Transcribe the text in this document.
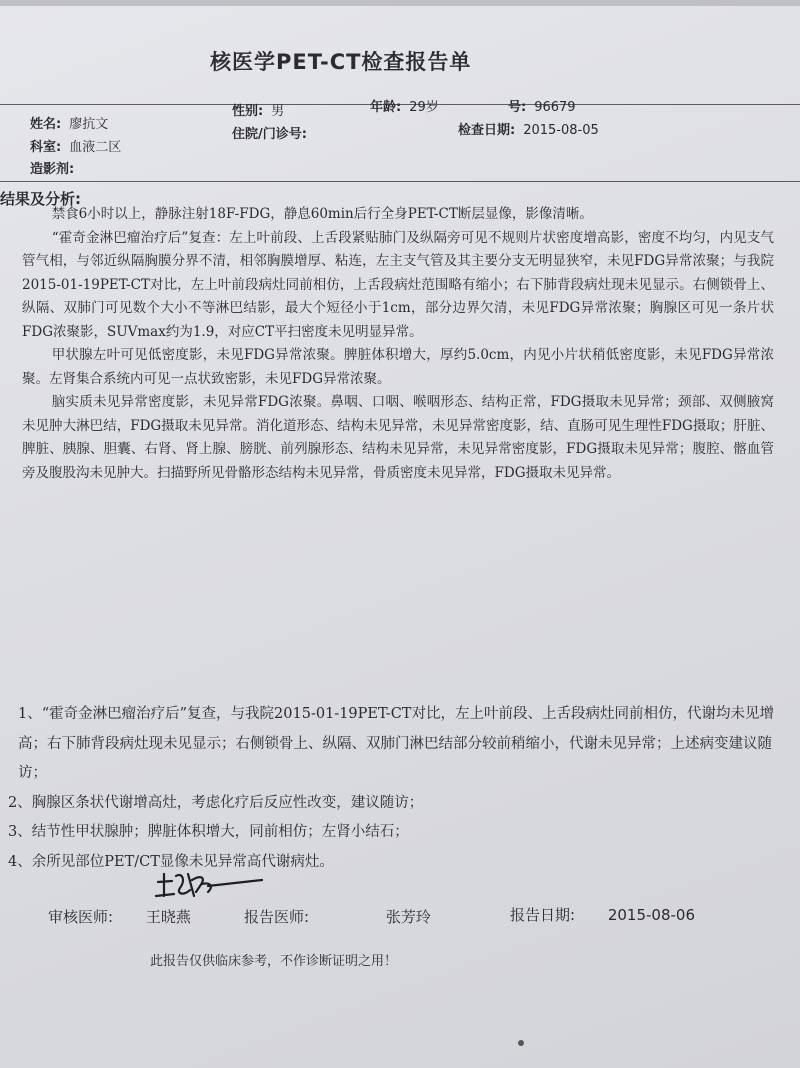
核医学PET-CT检查报告单
姓名: 廖抗文
性别: 男	年龄: 29岁	号: 96679
科室: 血液二区
住院/门诊号:	检查日期: 2015-08-05
造影剂:
结果及分析:

禁食6小时以上，静脉注射18F-FDG，静息60min后行全身PET-CT断层显像，影像清晰。

“霍奇金淋巴瘤治疗后”复查：左上叶前段、上舌段紧贴肺门及纵隔旁可见不规则片状密度增高影，密度不均匀，内见支气管气相，与邻近纵隔胸膜分界不清，相邻胸膜增厚、粘连，左主支气管及其主要分支无明显狭窄，未见FDG异常浓聚；与我院2015-01-19PET-CT对比，左上叶前段病灶同前相仿，上舌段病灶范围略有缩小；右下肺背段病灶现未见显示。右侧锁骨上、纵隔、双肺门可见数个大小不等淋巴结影，最大个短径小于1cm，部分边界欠清，未见FDG异常浓聚；胸腺区可见一条片状FDG浓聚影，SUVmax约为1.9，对应CT平扫密度未见明显异常。

甲状腺左叶可见低密度影，未见FDG异常浓聚。脾脏体积增大，厚约5.0cm，内见小片状稍低密度影，未见FDG异常浓聚。左肾集合系统内可见一点状致密影，未见FDG异常浓聚。

脑实质未见异常密度影，未见异常FDG浓聚。鼻咽、口咽、喉咽形态、结构正常，FDG摄取未见异常；颈部、双侧腋窝未见肿大淋巴结，FDG摄取未见异常。消化道形态、结构未见异常，未见异常密度影，结、直肠可见生理性FDG摄取；肝脏、脾脏、胰腺、胆囊、右肾、肾上腺、膀胱、前列腺形态、结构未见异常，未见异常密度影，FDG摄取未见异常；腹腔、髂血管旁及腹股沟未见肿大。扫描野所见骨骼形态结构未见异常，骨质密度未见异常，FDG摄取未见异常。

1、“霍奇金淋巴瘤治疗后”复查，与我院2015-01-19PET-CT对比，左上叶前段、上舌段病灶同前相仿，代谢均未见增高；右下肺背段病灶现未见显示；右侧锁骨上、纵隔、双肺门淋巴结部分较前稍缩小，代谢未见异常；上述病变建议随访；

2、胸腺区条状代谢增高灶，考虑化疗后反应性改变，建议随访；

3、结节性甲状腺肿；脾脏体积增大，同前相仿；左肾小结石；

4、余所见部位PET/CT显像未见异常高代谢病灶。

审核医师: 王晓燕	报告医师:	张芳玲	报告日期: 2015-08-06
此报告仅供临床参考，不作诊断证明之用！
